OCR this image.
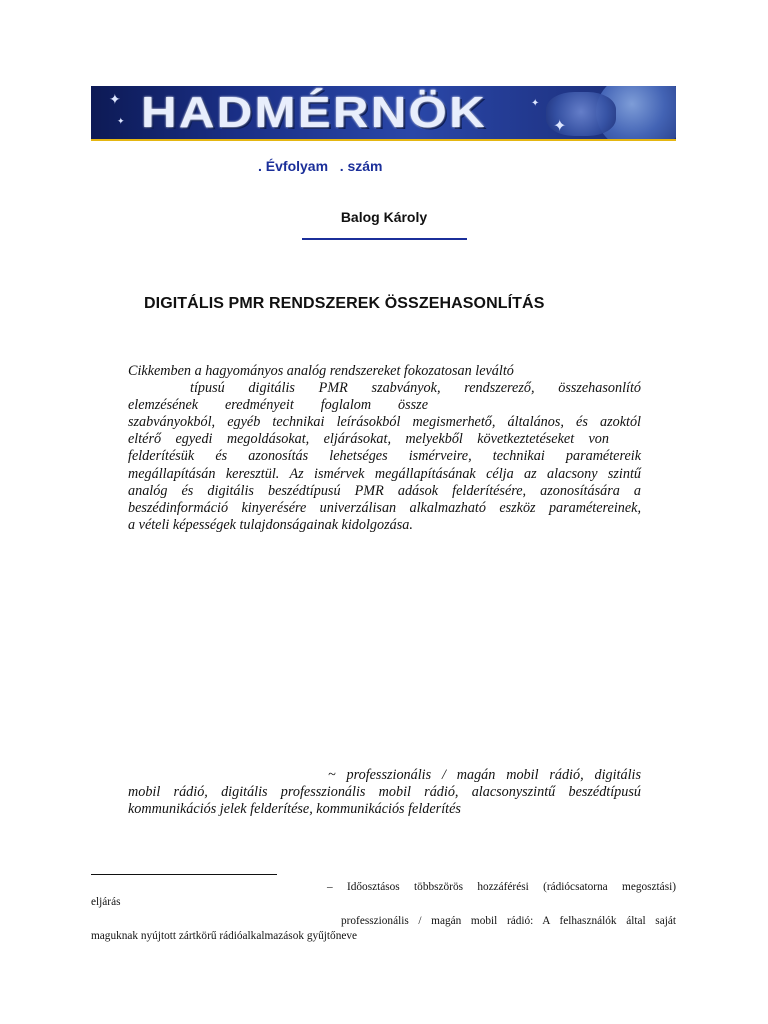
✦
✦
✦
✦
HADMÉRNÖK
. Évfolyam   . szám
Balog Károly
DIGITÁLIS PMR RENDSZEREK ÖSSZEHASONLÍTÁS
Cikkemben a hagyományos analóg rendszereket fokozatosan leváltó
típusú digitális PMR szabványok, rendszerező, összehasonlító
elemzésének eredményeit foglalom össze
szabványokból, egyéb technikai leírásokból megismerhető, általános, és azoktól
eltérő egyedi megoldásokat, eljárásokat, melyekből következtetéseket von
felderítésük és azonosítás lehetséges ismérveire, technikai paramétereik
megállapításán keresztül. Az ismérvek megállapításának célja az alacsony szintű
analóg és digitális beszédtípusú PMR adások felderítésére, azonosítására a
beszédinformáció kinyerésére univerzálisan alkalmazható eszköz paramétereinek,
a vételi képességek tulajdonságainak kidolgozása.
~ professzionális / magán mobil rádió, digitális
mobil rádió, digitális professzionális mobil rádió, alacsonyszintű beszédtípusú
kommunikációs jelek felderítése, kommunikációs felderítés
– Időosztásos többszörös hozzáférési (rádiócsatorna megosztási)
eljárás
professzionális / magán mobil rádió: A felhasználók által saját
maguknak nyújtott zártkörű rádióalkalmazások gyűjtőneve
